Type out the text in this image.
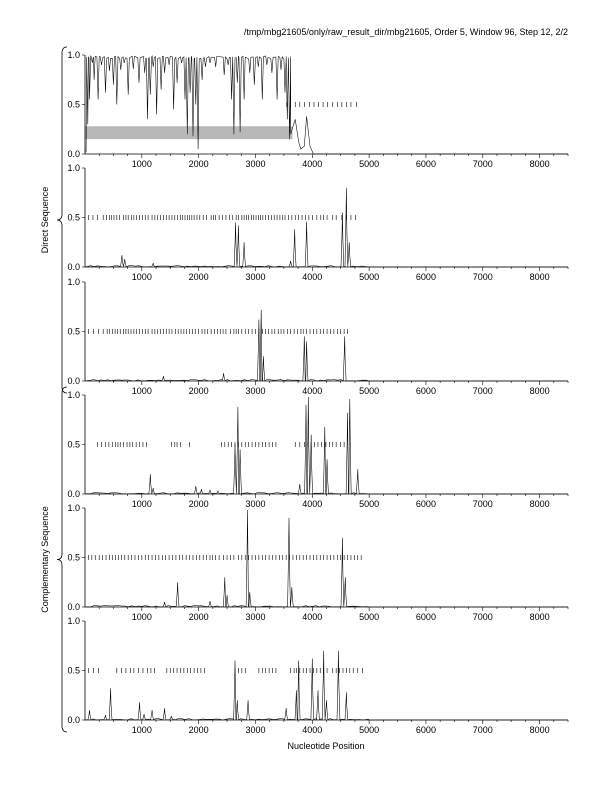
/tmp/mbg21605/only/raw_result_dir/mbg21605, Order 5, Window 96, Step 12, 2/2
0.0
0.5
1.0
1000	2000	3000	4000	5000	6000	7000	8000
0.0
0.5
1.0
1000	2000	3000	4000	5000	6000	7000	8000
0.0
0.5
1.0
1000	2000	3000	4000	5000	6000	7000	8000
0.0
0.5
1.0
1000	2000	3000	4000	5000	6000	7000	8000
0.0
0.5
1.0
1000	2000	3000	4000	5000	6000	7000	8000
0.0
0.5
1.0
1000	2000	3000	4000	5000	6000	7000	8000
Direct Sequence
Complementary Sequence
Nucleotide Position
